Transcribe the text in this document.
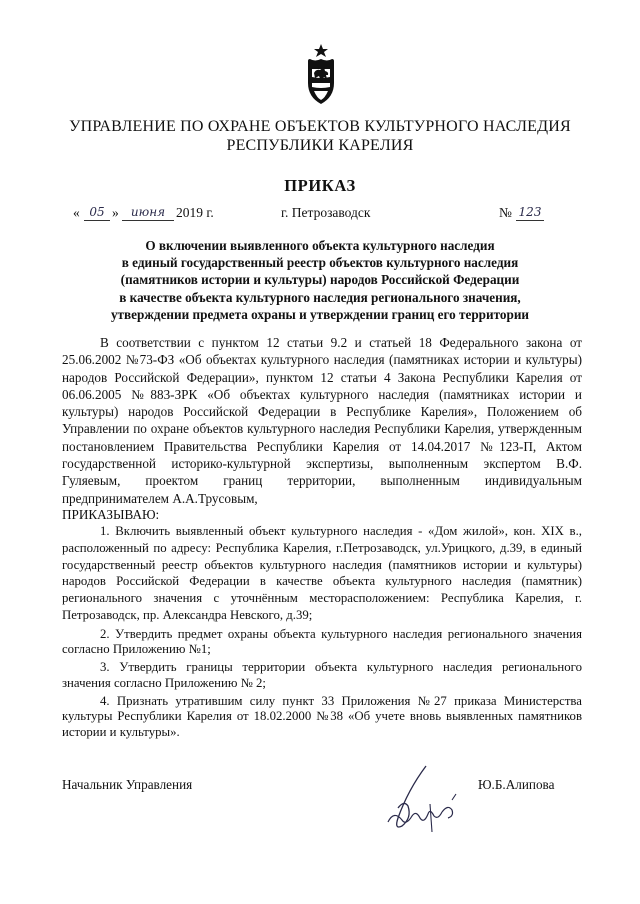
УПРАВЛЕНИЕ ПО ОХРАНЕ ОБЪЕКТОВ КУЛЬТУРНОГО НАСЛЕДИЯ
РЕСПУБЛИКИ КАРЕЛИЯ
ПРИКАЗ
« 05 »	июня 2019 г.	г. Петрозаводск	№ 123
О включении выявленного объекта культурного наследия
в единый государственный реестр объектов культурного наследия
(памятников истории и культуры) народов Российской Федерации
в качестве объекта культурного наследия регионального значения,
утверждении предмета охраны и утверждении границ его территории
В соответствии с пунктом 12 статьи 9.2 и статьей 18 Федерального закона от 25.06.2002 №73-ФЗ «Об объектах культурного наследия (памятниках истории и культуры) народов Российской Федерации», пунктом 12 статьи 4 Закона Республики Карелия от 06.06.2005 №883-ЗРК «Об объектах культурного наследия (памятниках истории и культуры) народов Российской Федерации в Республике Карелия», Положением об Управлении по охране объектов культурного наследия Республики Карелия, утвержденным постановлением Правительства Республики Карелия от 14.04.2017 №123-П, Актом государственной историко-культурной экспертизы, выполненным экспертом В.Ф. Гуляевым, проектом границ территории, выполненным индивидуальным предпринимателем А.А.Трусовым,
ПРИКАЗЫВАЮ:

1. Включить выявленный объект культурного наследия - «Дом жилой», кон. XIX в., расположенный по адресу: Республика Карелия, г.Петрозаводск, ул.Урицкого, д.39, в единый государственный реестр объектов культурного наследия (памятников истории и культуры) народов Российской Федерации в качестве объекта культурного наследия (памятник) регионального значения с уточнённым месторасположением: Республика Карелия, г. Петрозаводск, пр. Александра Невского, д.39;

2. Утвердить предмет охраны объекта культурного наследия регионального значения согласно Приложению №1;

3. Утвердить границы территории объекта культурного наследия регионального значения согласно Приложению № 2;

4. Признать утратившим силу пункт 33 Приложения №27 приказа Министерства культуры Республики Карелия от 18.02.2000 №38 «Об учете вновь выявленных памятников истории и культуры».

Начальник Управления	Ю.Б.Алипова
